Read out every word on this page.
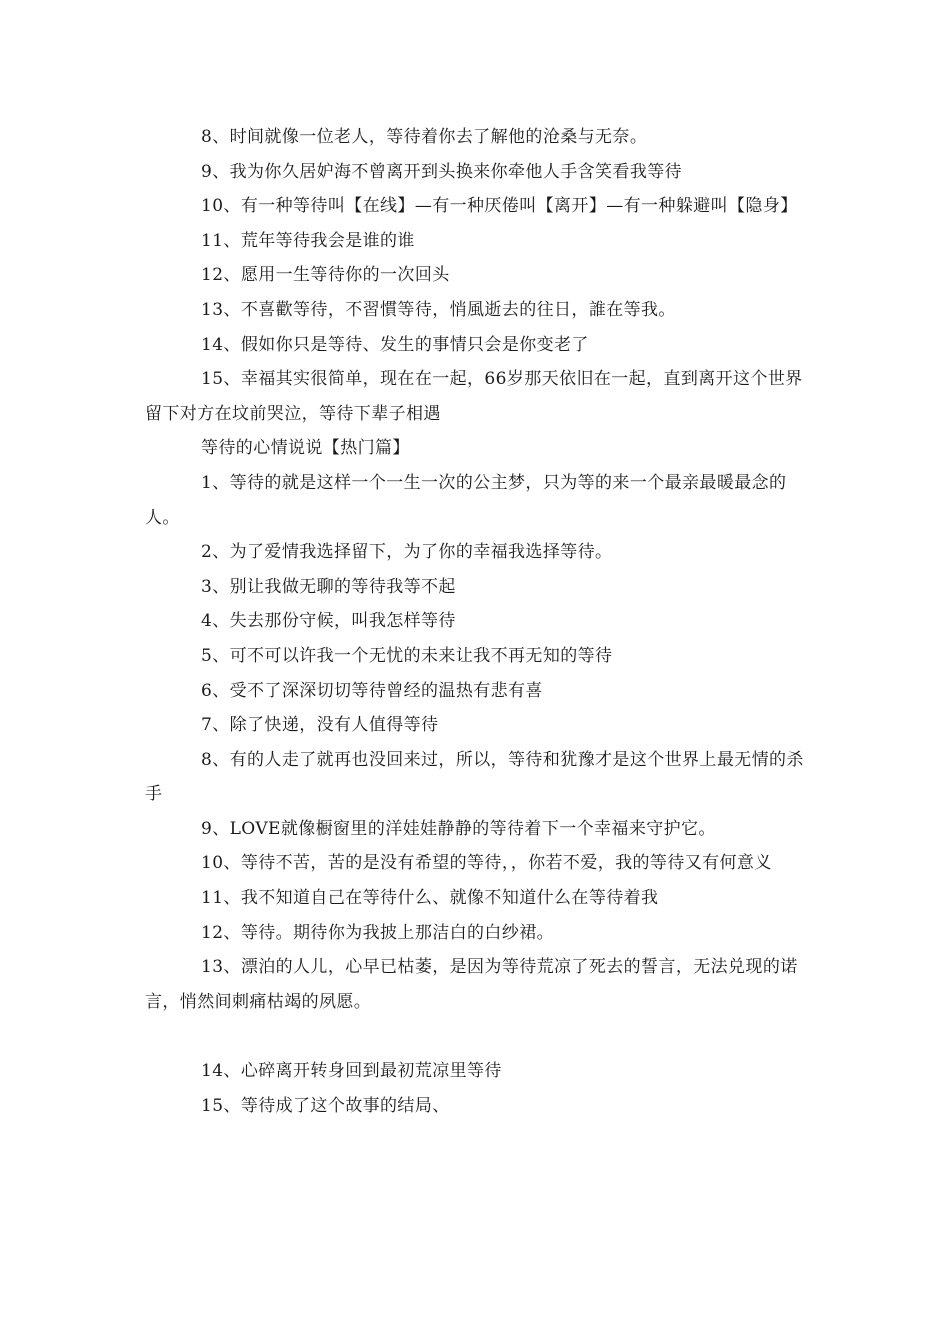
8、时间就像一位老人，等待着你去了解他的沧桑与无奈。

9、我为你久居妒海不曾离开到头换来你牵他人手含笑看我等待

10、有一种等待叫【在线】—有一种厌倦叫【离开】—有一种躲避叫【隐身】

11、荒年等待我会是谁的谁

12、愿用一生等待你的一次回头

13、不喜歡等待，不習慣等待，悄風逝去的往日，誰在等我。

14、假如你只是等待、发生的事情只会是你变老了

15、幸福其实很简单，现在在一起，66岁那天依旧在一起，直到离开这个世界留下对方在坟前哭泣，等待下辈子相遇

等待的心情说说【热门篇】

1、等待的就是这样一个一生一次的公主梦，只为等的来一个最亲最暖最念的人。

2、为了爱情我选择留下，为了你的幸福我选择等待。

3、别让我做无聊的等待我等不起

4、失去那份守候，叫我怎样等待

5、可不可以许我一个无忧的未来让我不再无知的等待

6、受不了深深切切等待曾经的温热有悲有喜

7、除了快递，没有人值得等待

8、有的人走了就再也没回来过，所以，等待和犹豫才是这个世界上最无情的杀手

9、LOVE就像橱窗里的洋娃娃静静的等待着下一个幸福来守护它。

10、等待不苦，苦的是没有希望的等待，，你若不爱，我的等待又有何意义

11、我不知道自己在等待什么、就像不知道什么在等待着我

12、等待。期待你为我披上那洁白的白纱裙。

13、漂泊的人儿，心早已枯萎，是因为等待荒凉了死去的誓言，无法兑现的诺言，悄然间刺痛枯竭的夙愿。

14、心碎离开转身回到最初荒凉里等待

15、等待成了这个故事的结局、
